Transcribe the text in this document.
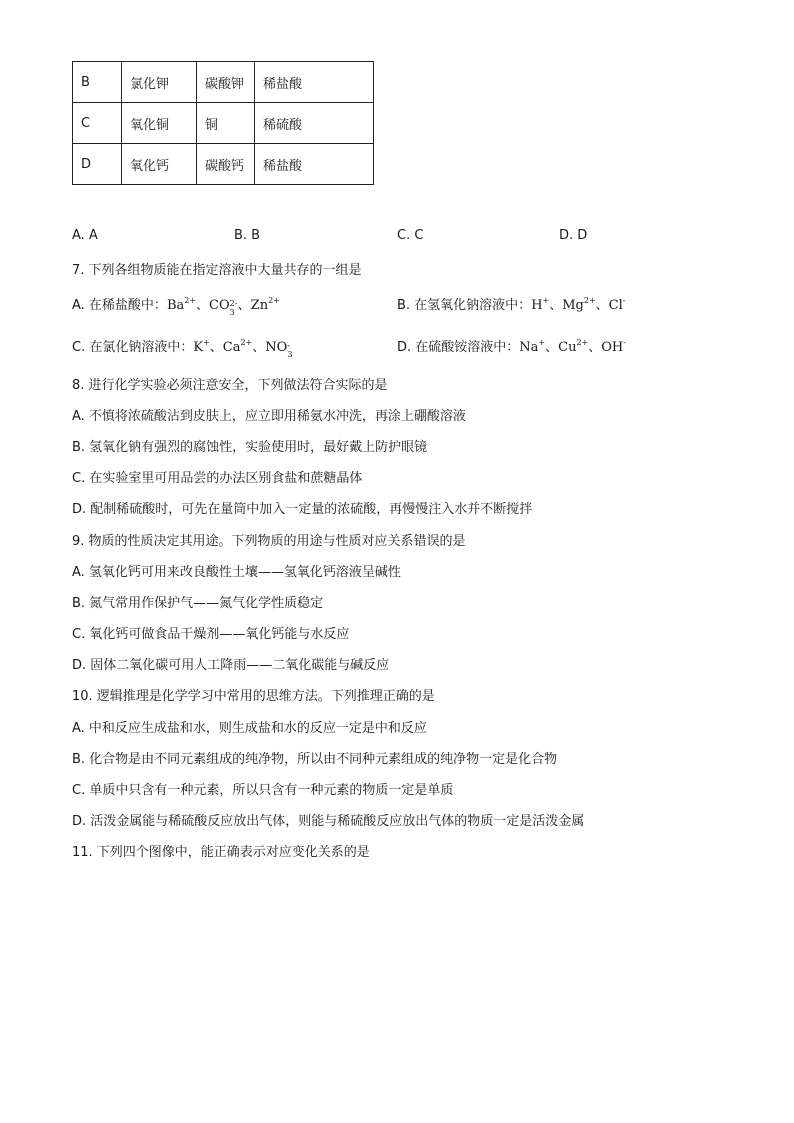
B	氯化钾	碳酸钾	稀盐酸
C	氧化铜	铜	稀硫酸
D	氧化钙	碳酸钙	稀盐酸
A. A	B. B	C. C	D. D
7. 下列各组物质能在指定溶液中大量共存的一组是
A. 在稀盐酸中：$Ba^{2+}$、CO 2-
3 、$Zn^{2+}$	B. 在氢氧化钠溶液中：H+、$Mg^{2+}$、Cl-
C. 在氯化钠溶液中：K+、$Ca^{2+}$、NO -
3	D. 在硫酸铵溶液中：Na+、$Cu^{2+}$、OH-
8. 进行化学实验必须注意安全，下列做法符合实际的是
A. 不慎将浓硫酸沾到皮肤上，应立即用稀氨水冲洗，再涂上硼酸溶液
B. 氢氧化钠有强烈的腐蚀性，实验使用时，最好戴上防护眼镜
C. 在实验室里可用品尝的办法区别食盐和蔗糖晶体
D. 配制稀硫酸时，可先在量筒中加入一定量的浓硫酸，再慢慢注入水并不断搅拌
9. 物质的性质决定其用途。下列物质的用途与性质对应关系错误的是
A. 氢氧化钙可用来改良酸性土壤——氢氧化钙溶液呈碱性
B. 氮气常用作保护气——氮气化学性质稳定
C. 氧化钙可做食品干燥剂——氧化钙能与水反应
D. 固体二氧化碳可用人工降雨——二氧化碳能与碱反应
10. 逻辑推理是化学学习中常用的思维方法。下列推理正确的是
A. 中和反应生成盐和水，则生成盐和水的反应一定是中和反应
B. 化合物是由不同元素组成的纯净物，所以由不同种元素组成的纯净物一定是化合物
C. 单质中只含有一种元素，所以只含有一种元素的物质一定是单质
D. 活泼金属能与稀硫酸反应放出气体，则能与稀硫酸反应放出气体的物质一定是活泼金属
11. 下列四个图像中，能正确表示对应变化关系的是
